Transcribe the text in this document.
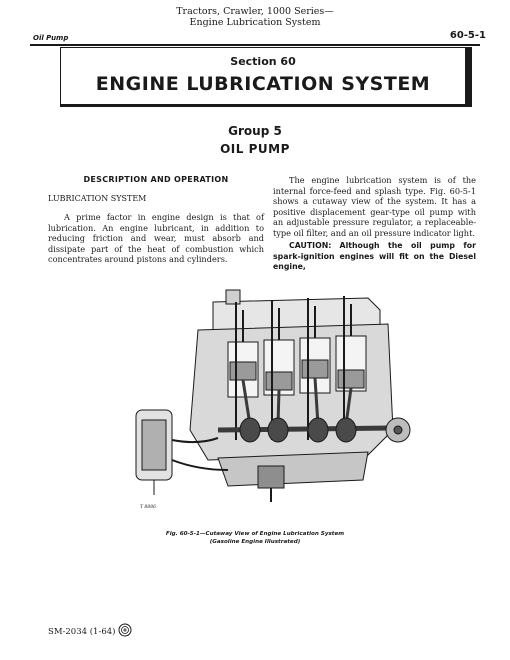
Tractors, Crawler, 1000 Series—
Engine Lubrication System
Oil Pump	60-5-1
Section 60
ENGINE LUBRICATION SYSTEM
Group 5
OIL PUMP
DESCRIPTION AND OPERATION
LUBRICATION SYSTEM

A prime factor in engine design is that of lubrication. An engine lubricant, in addition to reducing friction and wear, must absorb and dissipate part of the heat of combustion which concentrates around pistons and cylinders.

The engine lubrication system is of the internal force-feed and splash type. Fig. 60-5-1 shows a cutaway view of the system. It has a positive displacement gear-type oil pump with an adjustable pressure regulator, a replaceable-type oil filter, and an oil pressure indicator light.

CAUTION: Although the oil pump for spark-ignition engines will fit on the Diesel engine,
T 8886
Fig. 60-5-1—Cutaway View of Engine Lubrication System
(Gasoline Engine Illustrated)
SM-2034 (1-64)
